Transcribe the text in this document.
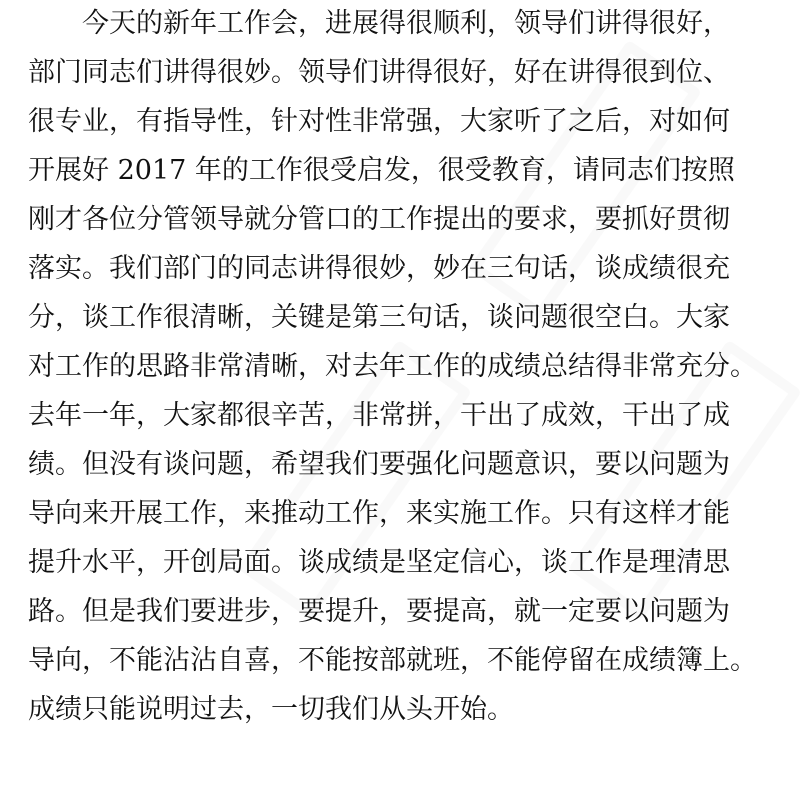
今天的新年工作会，进展得很顺利，领导们讲得很好，
部门同志们讲得很妙。领导们讲得很好，好在讲得很到位、
很专业，有指导性，针对性非常强，大家听了之后，对如何
开展好 2017 年的工作很受启发，很受教育，请同志们按照
刚才各位分管领导就分管口的工作提出的要求，要抓好贯彻
落实。我们部门的同志讲得很妙，妙在三句话，谈成绩很充
分，谈工作很清晰，关键是第三句话，谈问题很空白。大家
对工作的思路非常清晰，对去年工作的成绩总结得非常充分。
去年一年，大家都很辛苦，非常拼，干出了成效，干出了成
绩。但没有谈问题，希望我们要强化问题意识，要以问题为
导向来开展工作，来推动工作，来实施工作。只有这样才能
提升水平，开创局面。谈成绩是坚定信心，谈工作是理清思
路。但是我们要进步，要提升，要提高，就一定要以问题为
导向，不能沾沾自喜，不能按部就班，不能停留在成绩簿上。
成绩只能说明过去，一切我们从头开始。
